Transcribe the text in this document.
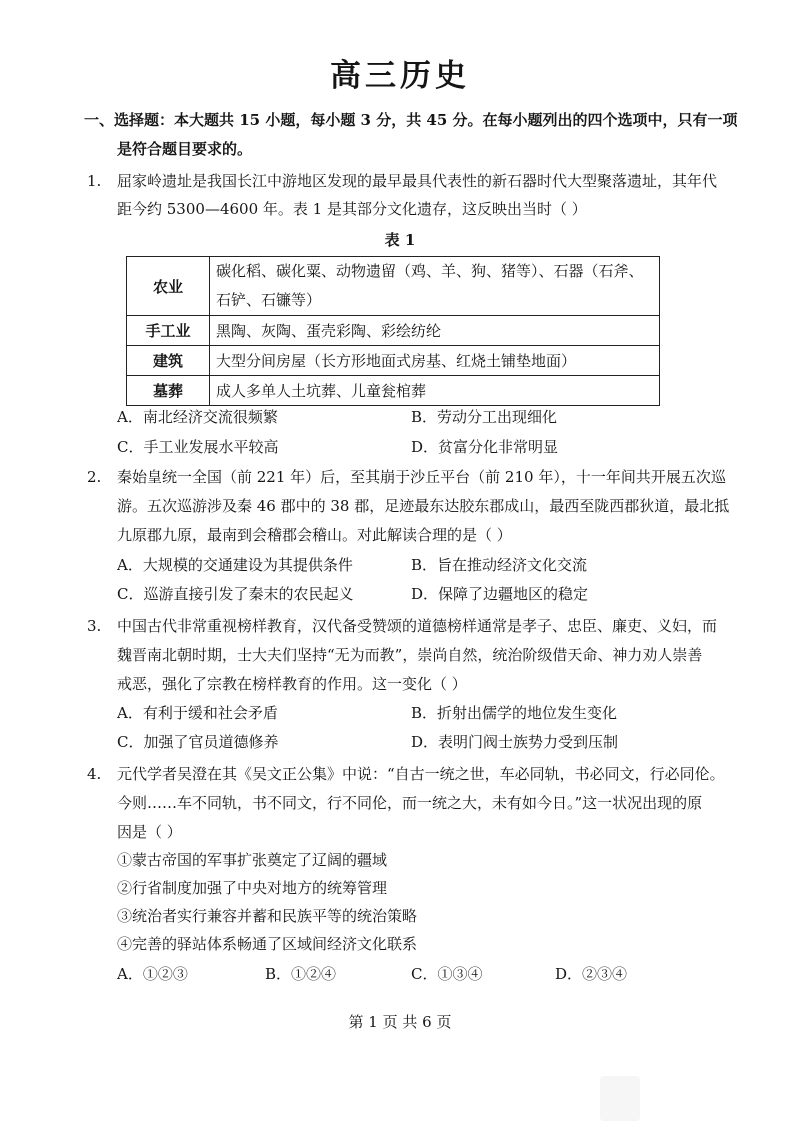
高三历史
一、选择题：本大题共 15 小题，每小题 3 分，共 45 分。在每小题列出的四个选项中，只有一项
是符合题目要求的。
1. 屈家岭遗址是我国长江中游地区发现的最早最具代表性的新石器时代大型聚落遗址，其年代
距今约 5300—4600 年。表 1 是其部分文化遗存，这反映出当时（ ）
表 1
农业	碳化稻、碳化粟、动物遗留（鸡、羊、狗、猪等）、石器（石斧、石铲、石镰等）

手工业	黑陶、灰陶、蛋壳彩陶、彩绘纺纶
建筑	大型分间房屋（长方形地面式房基、红烧土铺垫地面）
墓葬	成人多单人土坑葬、儿童瓮棺葬
A．南北经济交流很频繁	B．劳动分工出现细化
C．手工业发展水平较高	D．贫富分化非常明显
2. 秦始皇统一全国（前 221 年）后，至其崩于沙丘平台（前 210 年），十一年间共开展五次巡
游。五次巡游涉及秦 46 郡中的 38 郡，足迹最东达胶东郡成山，最西至陇西郡狄道，最北抵
九原郡九原，最南到会稽郡会稽山。对此解读合理的是（ ）
A．大规模的交通建设为其提供条件	B．旨在推动经济文化交流
C．巡游直接引发了秦末的农民起义	D．保障了边疆地区的稳定
3. 中国古代非常重视榜样教育，汉代备受赞颂的道德榜样通常是孝子、忠臣、廉吏、义妇，而
魏晋南北朝时期，士大夫们坚持“无为而教”，崇尚自然，统治阶级借天命、神力劝人崇善
戒恶，强化了宗教在榜样教育的作用。这一变化（ ）
A．有利于缓和社会矛盾	B．折射出儒学的地位发生变化
C．加强了官员道德修养	D．表明门阀士族势力受到压制
4. 元代学者吴澄在其《吴文正公集》中说：“自古一统之世，车必同轨，书必同文，行必同伦。
今则……车不同轨，书不同文，行不同伦，而一统之大，未有如今日。”这一状况出现的原
因是（ ）
①蒙古帝国的军事扩张奠定了辽阔的疆域
②行省制度加强了中央对地方的统筹管理
③统治者实行兼容并蓄和民族平等的统治策略
④完善的驿站体系畅通了区域间经济文化联系
A．①②③	B．①②④	C．①③④	D．②③④
第 1 页 共 6 页
